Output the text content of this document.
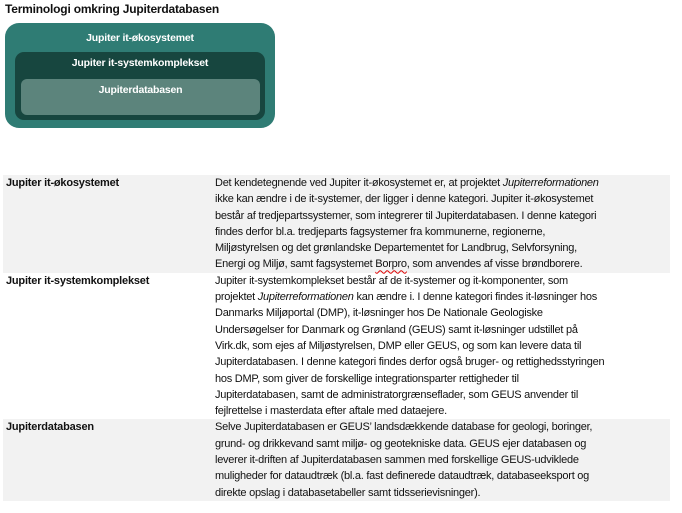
Terminologi omkring Jupiterdatabasen
Jupiter it-økosystemet
Jupiter it-systemkomplekset
Jupiterdatabasen
Jupiter it-økosystemet	Det kendetegnende ved Jupiter it-økosystemet er, at projektet Jupiterreformationen

ikke kan ændre i de it-systemer, der ligger i denne kategori. Jupiter it-økosystemet

består af tredjepartssystemer, som integrerer til Jupiterdatabasen. I denne kategori

findes derfor bl.a. tredjeparts fagsystemer fra kommunerne, regionerne,

Miljøstyrelsen og det grønlandske Departementet for Landbrug, Selvforsyning,

Energi og Miljø, samt fagsystemet Borpro, som anvendes af visse brøndborere.

Jupiter it-systemkomplekset	Jupiter it-systemkomplekset består af de it-systemer og it-komponenter, som

projektet Jupiterreformationen kan ændre i. I denne kategori findes it-løsninger hos

Danmarks Miljøportal (DMP), it-løsninger hos De Nationale Geologiske

Undersøgelser for Danmark og Grønland (GEUS) samt it-løsninger udstillet på

Virk.dk, som ejes af Miljøstyrelsen, DMP eller GEUS, og som kan levere data til

Jupiterdatabasen. I denne kategori findes derfor også bruger- og rettighedsstyringen

hos DMP, som giver de forskellige integrationsparter rettigheder til

Jupiterdatabasen, samt de administratorgrænseflader, som GEUS anvender til

fejlrettelse i masterdata efter aftale med dataejere.

Jupiterdatabasen	Selve Jupiterdatabasen er GEUS’ landsdækkende database for geologi, boringer,

grund- og drikkevand samt miljø- og geotekniske data. GEUS ejer databasen og

leverer it-driften af Jupiterdatabasen sammen med forskellige GEUS-udviklede

muligheder for dataudtræk (bl.a. fast definerede dataudtræk, databaseeksport og

direkte opslag i databasetabeller samt tidsserievisninger).
